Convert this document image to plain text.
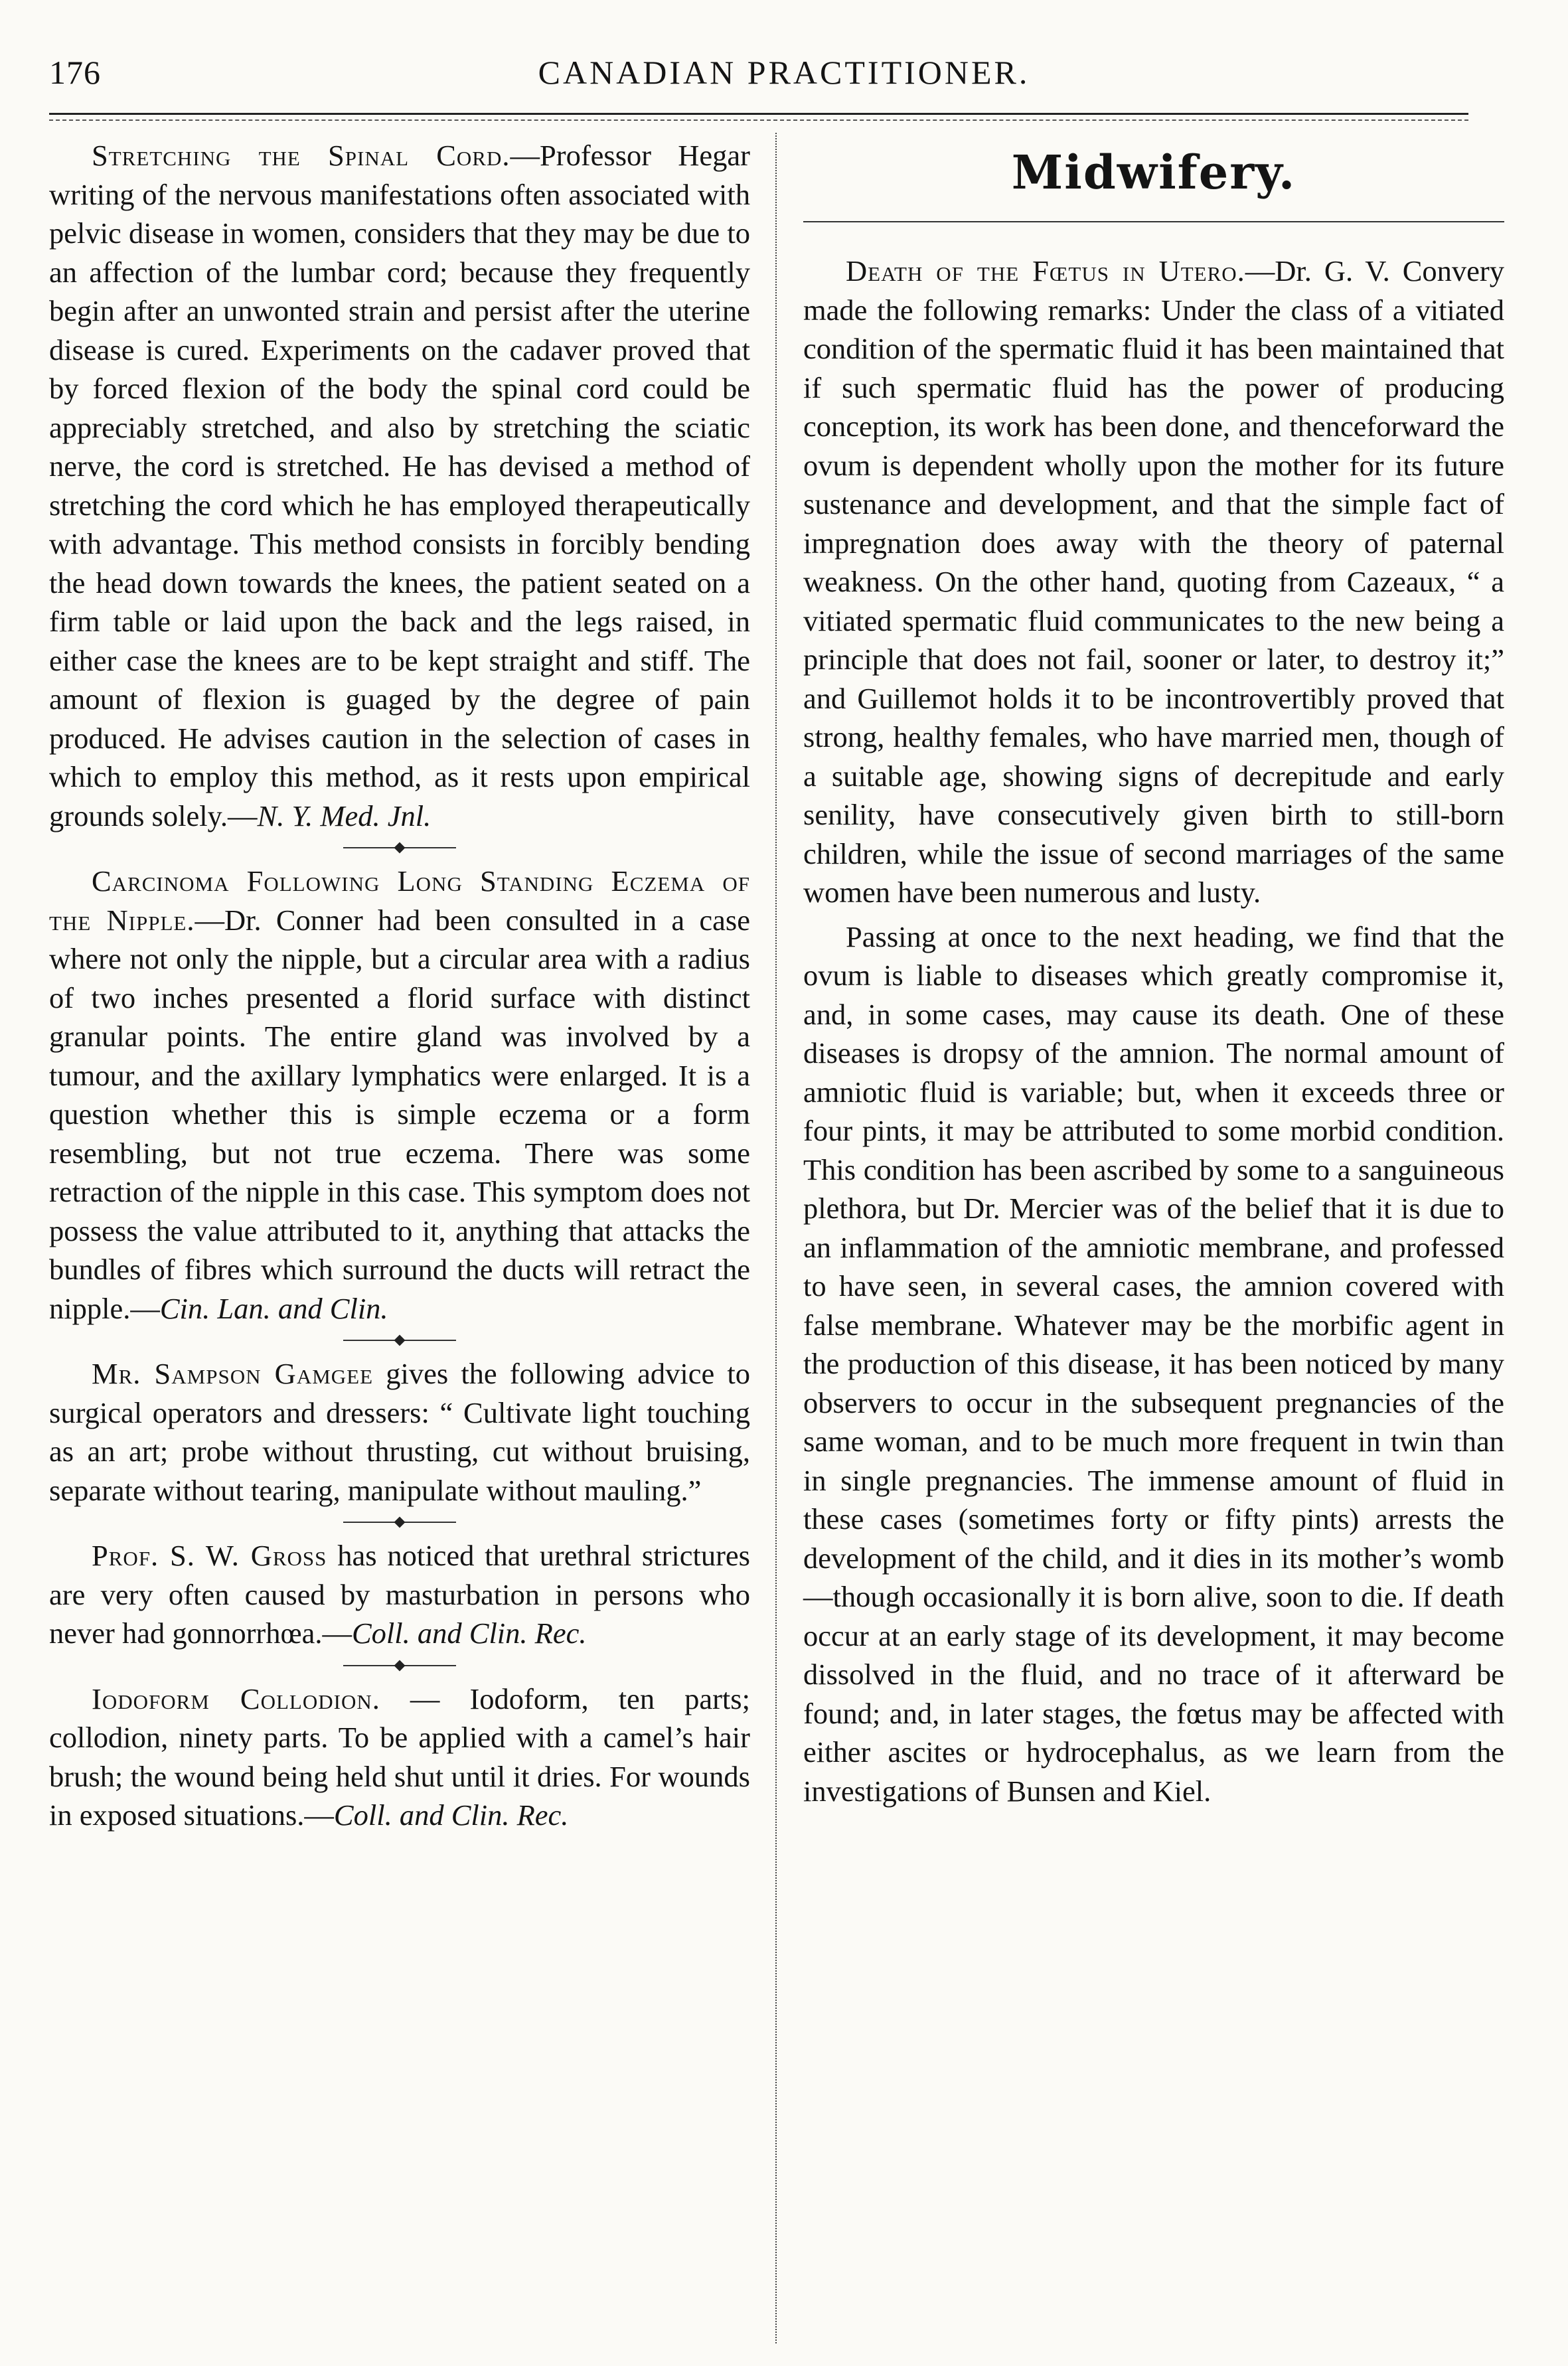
176	CANADIAN PRACTITIONER.

Stretching the Spinal Cord.—Professor Hegar writing of the nervous manifestations often associated with pelvic disease in women, considers that they may be due to an affection of the lumbar cord; because they frequently begin after an unwonted strain and persist after the uterine disease is cured. Experiments on the cadaver proved that by forced flexion of the body the spinal cord could be appreciably stretched, and also by stretching the sciatic nerve, the cord is stretched. He has devised a method of stretching the cord which he has employed therapeutically with advantage. This method consists in forcibly bending the head down towards the knees, the patient seated on a firm table or laid upon the back and the legs raised, in either case the knees are to be kept straight and stiff. The amount of flexion is guaged by the degree of pain produced. He advises caution in the selection of cases in which to employ this method, as it rests upon empirical grounds solely.—N. Y. Med. Jnl.

Carcinoma Following Long Standing Eczema of the Nipple.—Dr. Conner had been consulted in a case where not only the nipple, but a circular area with a radius of two inches presented a florid surface with distinct granular points. The entire gland was involved by a tumour, and the axillary lymphatics were enlarged. It is a question whether this is simple eczema or a form resembling, but not true eczema. There was some retraction of the nipple in this case. This symptom does not possess the value attributed to it, anything that attacks the bundles of fibres which surround the ducts will retract the nipple.—Cin. Lan. and Clin.

Mr. Sampson Gamgee gives the following advice to surgical operators and dressers: “ Cultivate light touching as an art; probe without thrusting, cut without bruising, separate without tearing, manipulate without mauling.”

Prof. S. W. Gross has noticed that urethral strictures are very often caused by masturbation in persons who never had gonnorrhœa.—Coll. and Clin. Rec.

Iodoform Collodion. — Iodoform, ten parts; collodion, ninety parts. To be applied with a camel’s hair brush; the wound being held shut until it dries. For wounds in exposed situations.—Coll. and Clin. Rec.

Midwifery.

Death of the Fœtus in Utero.—Dr. G. V. Convery made the following remarks: Under the class of a vitiated condition of the spermatic fluid it has been maintained that if such spermatic fluid has the power of producing conception, its work has been done, and thenceforward the ovum is dependent wholly upon the mother for its future sustenance and development, and that the simple fact of impregnation does away with the theory of paternal weakness. On the other hand, quoting from Cazeaux, “ a vitiated spermatic fluid communicates to the new being a principle that does not fail, sooner or later, to destroy it;” and Guillemot holds it to be incontrovertibly proved that strong, healthy females, who have married men, though of a suitable age, showing signs of decrepitude and early senility, have consecutively given birth to still-born children, while the issue of second marriages of the same women have been numerous and lusty.

Passing at once to the next heading, we find that the ovum is liable to diseases which greatly compromise it, and, in some cases, may cause its death. One of these diseases is dropsy of the amnion. The normal amount of amniotic fluid is variable; but, when it exceeds three or four pints, it may be attributed to some morbid condition. This condition has been ascribed by some to a sanguineous plethora, but Dr. Mercier was of the belief that it is due to an inflammation of the amniotic membrane, and professed to have seen, in several cases, the amnion covered with false membrane. Whatever may be the morbific agent in the production of this disease, it has been noticed by many observers to occur in the subsequent pregnancies of the same woman, and to be much more frequent in twin than in single pregnancies. The immense amount of fluid in these cases (sometimes forty or fifty pints) arrests the development of the child, and it dies in its mother’s womb—though occasionally it is born alive, soon to die. If death occur at an early stage of its development, it may become dissolved in the fluid, and no trace of it afterward be found; and, in later stages, the fœtus may be affected with either ascites or hydrocephalus, as we learn from the investigations of Bunsen and Kiel.
